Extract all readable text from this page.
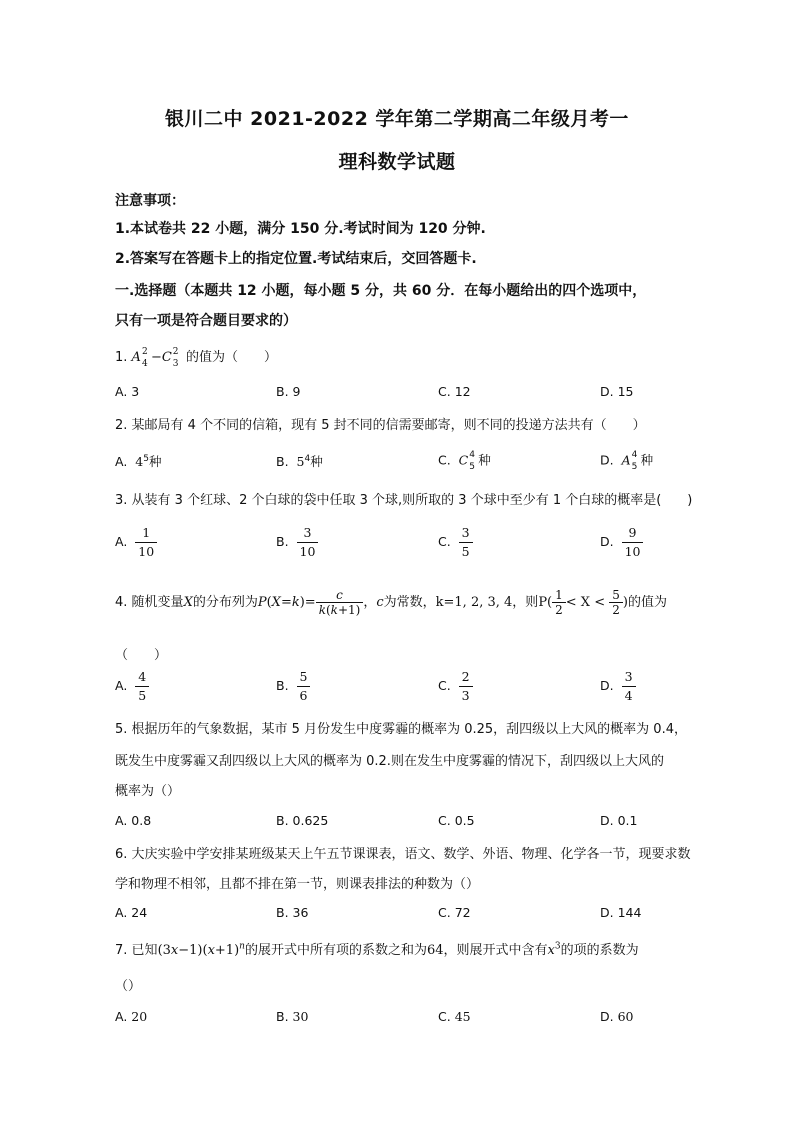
银川二中 2021-2022 学年第二学期高二年级月考一
理科数学试题
注意事项：
1.本试卷共 22 小题，满分 150 分.考试时间为 120 分钟.
2.答案写在答题卡上的指定位置.考试结束后，交回答题卡.
一.选择题（本题共 12 小题，每小题 5 分，共 60 分．在每小题给出的四个选项中，
只有一项是符合题目要求的）
1. A 2
4 −C 2
3 的值为（　　）
A. 3	B. 9	C. 12	D. 15
2. 某邮局有 4 个不同的信箱，现有 5 封不同的信需要邮寄，则不同的投递方法共有（　　）
A. $4^5$种	B. $5^4$种	C. C 4
5 种	D. A 4
5 种
3. 从装有 3 个红球、2 个白球的袋中任取 3 个球,则所取的 3 个球中至少有 1 个白球的概率是(　　)
A. $\frac{1}{10}$	B. $\frac{3}{10}$	C. $\frac{3}{5}$	D. $\frac{9}{10}$
4. 随机变量X的分布列为$P(X=k)= \frac{c}{k(k+1)}$ ，c为常数，k=1, 2, 3, 4，则$P( \frac{1}{2} < X < \frac{5}{2}$ )的值为
（　　）
A. $\frac{4}{5}$	B. $\frac{5}{6}$	C. $\frac{2}{3}$	D. $\frac{3}{4}$
5. 根据历年的气象数据，某市 5 月份发生中度雾霾的概率为 0.25，刮四级以上大风的概率为 0.4，
既发生中度雾霾又刮四级以上大风的概率为 0.2.则在发生中度雾霾的情况下，刮四级以上大风的
概率为（）
A. 0.8	B. 0.625	C. 0.5	D. 0.1
6. 大庆实验中学安排某班级某天上午五节课课表，语文、数学、外语、物理、化学各一节，现要求数
学和物理不相邻，且都不排在第一节，则课表排法的种数为（）
A. 24	B. 36	C. 72	D. 144
7. 已知$(3x-1)(x+1)^n$的展开式中所有项的系数之和为64，则展开式中含有$x^3$的项的系数为
（）
A. 20	B. 30	C. 45	D. 60
